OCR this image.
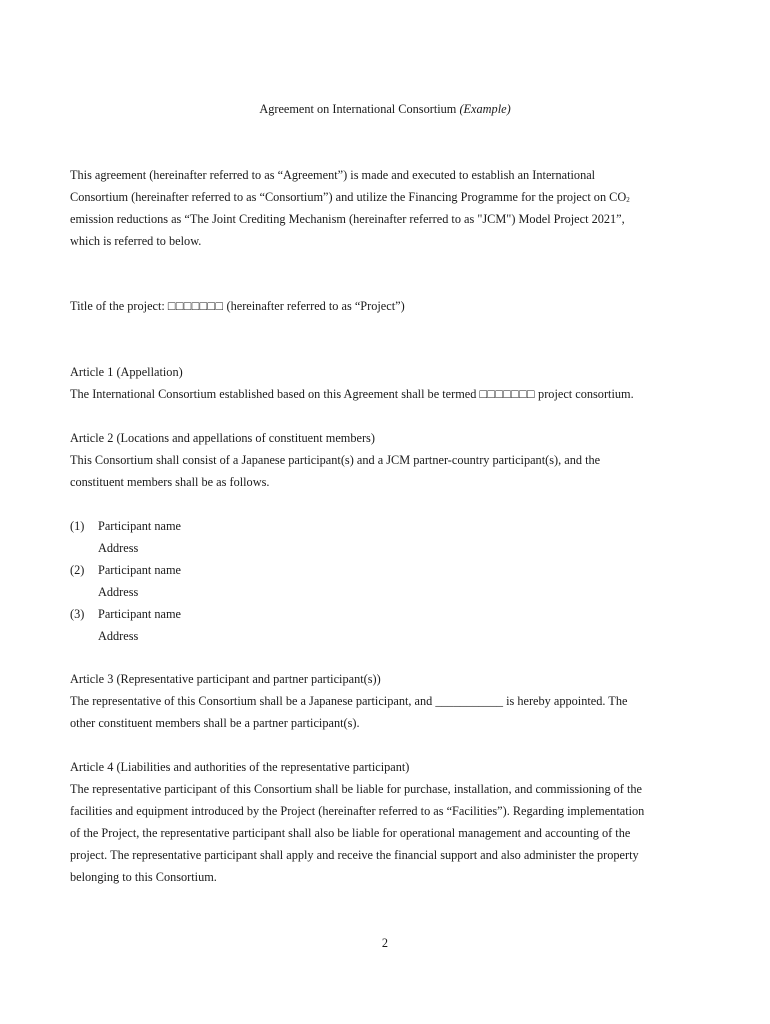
Agreement on International Consortium (Example)
This agreement (hereinafter referred to as “Agreement”) is made and executed to establish an International
Consortium (hereinafter referred to as “Consortium”) and utilize the Financing Programme for the project on CO2
emission reductions as “The Joint Crediting Mechanism (hereinafter referred to as "JCM") Model Project 2021”,
which is referred to below.
Title of the project: □□□□□□□ (hereinafter referred to as “Project”)
Article 1 (Appellation)
The International Consortium established based on this Agreement shall be termed □□□□□□□ project consortium.
Article 2 (Locations and appellations of constituent members)
This Consortium shall consist of a Japanese participant(s) and a JCM partner-country participant(s), and the
constituent members shall be as follows.
(1) Participant name
Address
(2) Participant name
Address
(3) Participant name
Address
Article 3 (Representative participant and partner participant(s))
The representative of this Consortium shall be a Japanese participant, and ___________ is hereby appointed. The
other constituent members shall be a partner participant(s).
Article 4 (Liabilities and authorities of the representative participant)
The representative participant of this Consortium shall be liable for purchase, installation, and commissioning of the
facilities and equipment introduced by the Project (hereinafter referred to as “Facilities”). Regarding implementation
of the Project, the representative participant shall also be liable for operational management and accounting of the
project. The representative participant shall apply and receive the financial support and also administer the property
belonging to this Consortium.
2
